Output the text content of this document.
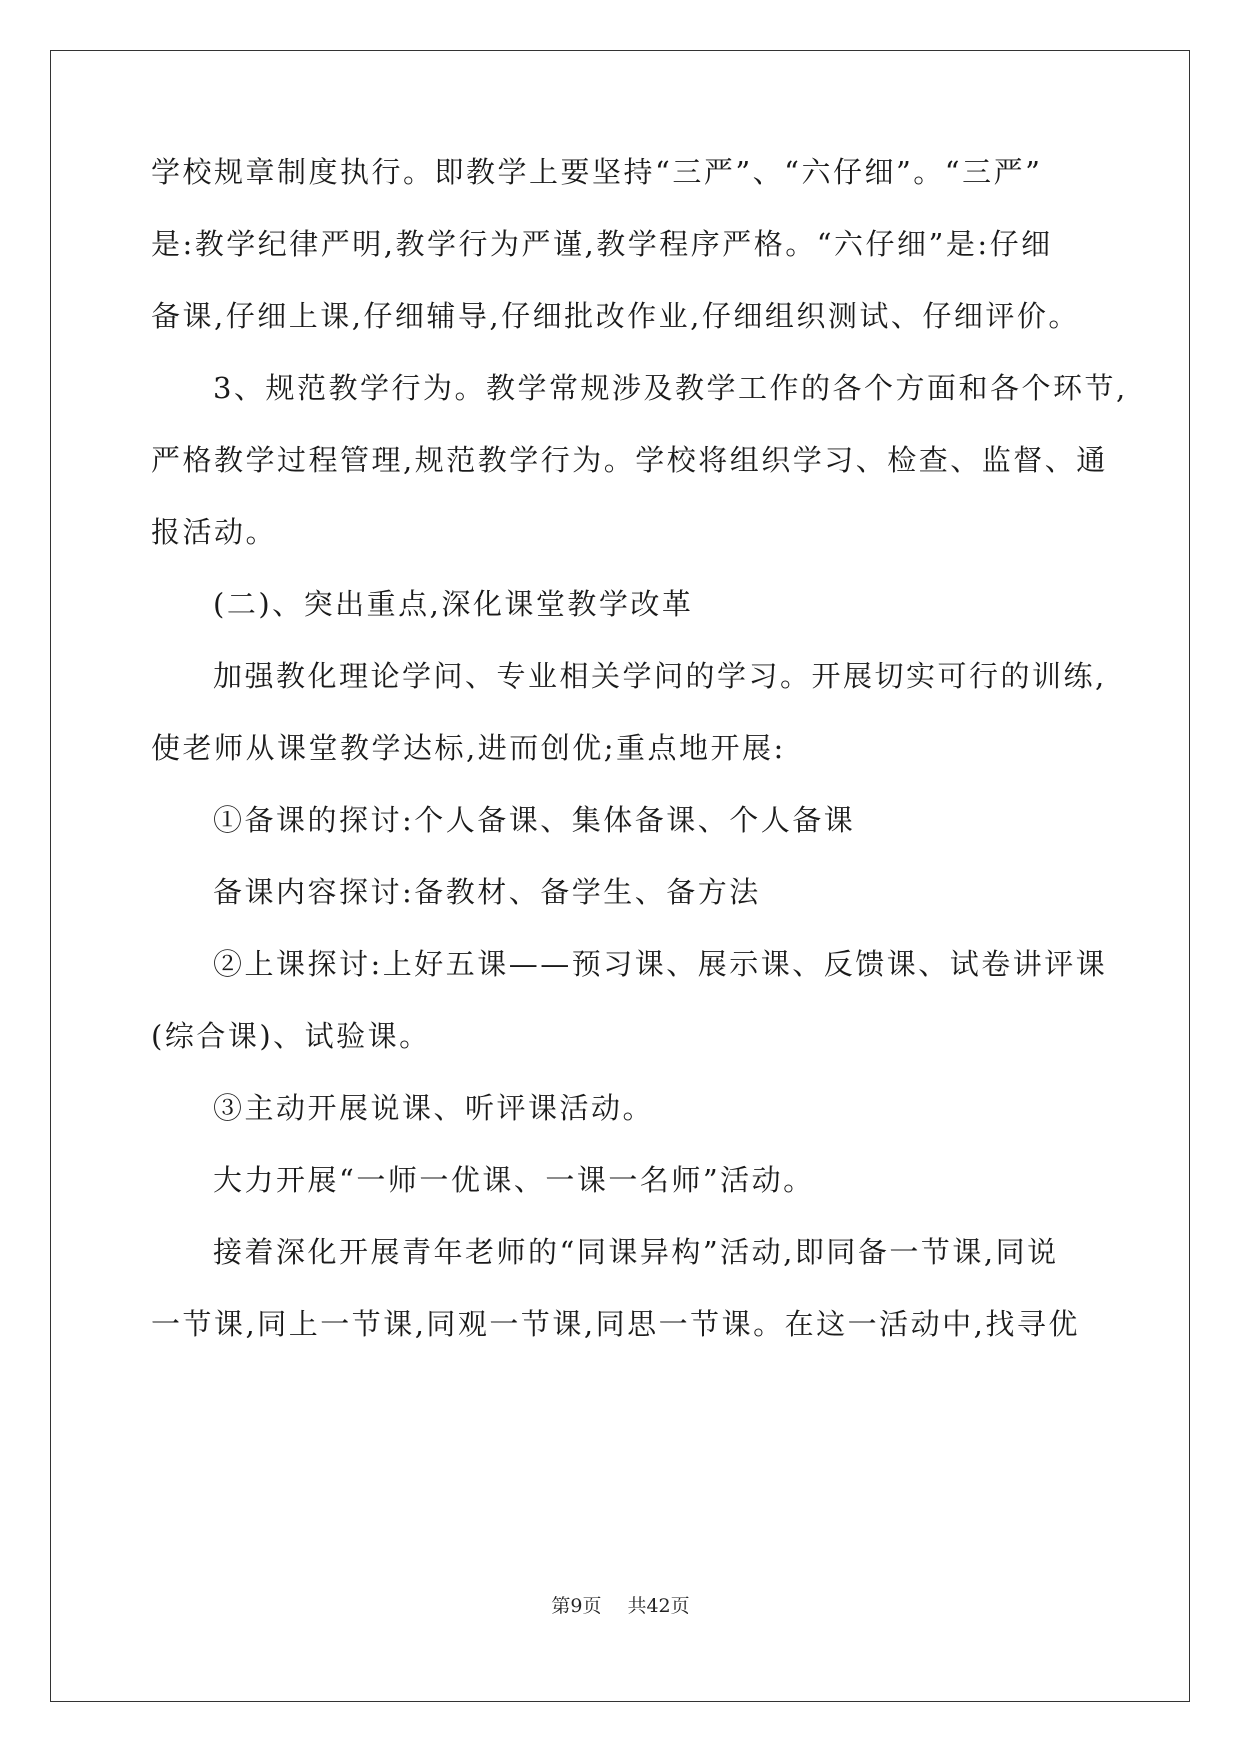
学校规章制度执行。即教学上要坚持“三严”、“六仔细”。“三严”
是:教学纪律严明,教学行为严谨,教学程序严格。“六仔细”是:仔细
备课,仔细上课,仔细辅导,仔细批改作业,仔细组织测试、仔细评价。
3、规范教学行为。教学常规涉及教学工作的各个方面和各个环节,
严格教学过程管理,规范教学行为。学校将组织学习、检查、监督、通
报活动。
(二)、突出重点,深化课堂教学改革
加强教化理论学问、专业相关学问的学习。开展切实可行的训练,
使老师从课堂教学达标,进而创优;重点地开展:
①备课的探讨:个人备课、集体备课、个人备课
备课内容探讨:备教材、备学生、备方法
②上课探讨:上好五课——预习课、展示课、反馈课、试卷讲评课
(综合课)、试验课。
③主动开展说课、听评课活动。
大力开展“一师一优课、一课一名师”活动。
接着深化开展青年老师的“同课异构”活动,即同备一节课,同说
一节课,同上一节课,同观一节课,同思一节课。在这一活动中,找寻优
第9页 共42页
